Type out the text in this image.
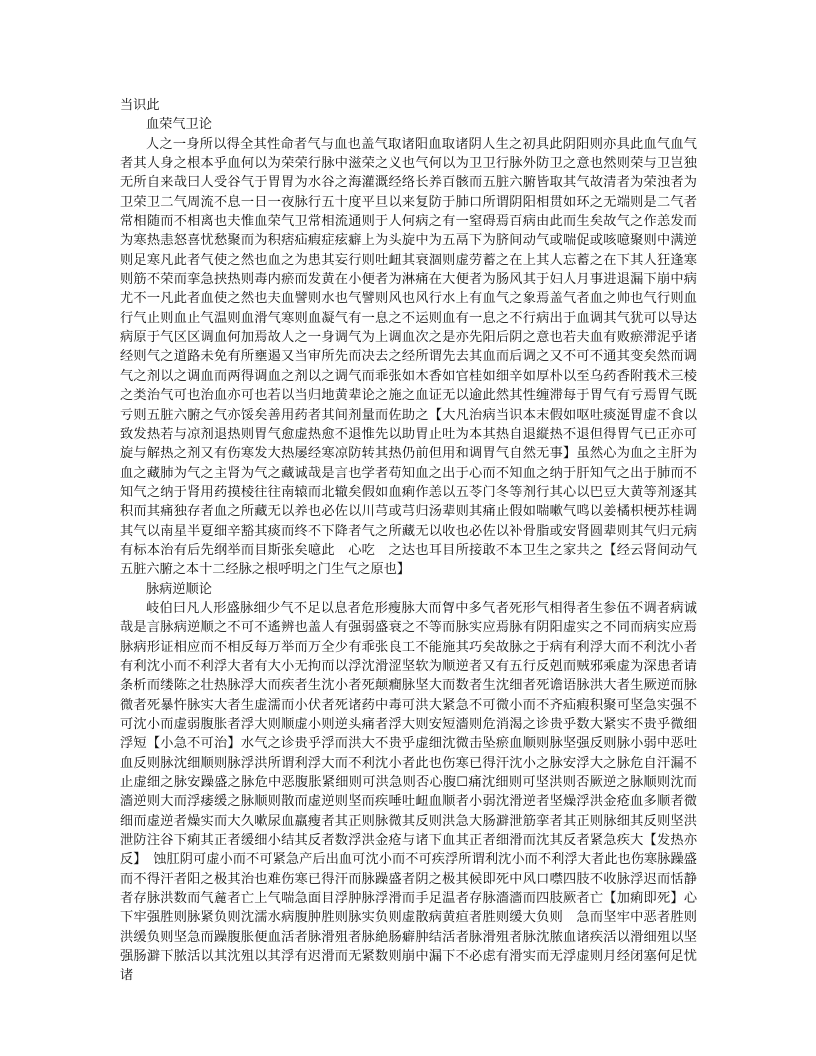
当识此

血荣气卫论

人之一身所以得全其性命者气与血也盖气取诸阳血取诸阴人生之初具此阴阳则亦具此血气血气者其人身之根本乎血何以为荣荣行脉中滋荣之义也气何以为卫卫行脉外防卫之意也然则荣与卫岂独无所自来哉曰人受谷气于胃胃为水谷之海灌溉经络长养百骸而五脏六腑皆取其气故清者为荣浊者为卫荣卫二气周流不息一日一夜脉行五十度平旦以来复防于肺口所谓阴阳相贯如环之无端则是二气者常相随而不相离也夫惟血荣气卫常相流通则于人何病之有一窒碍焉百病由此而生矣故气之作恙发而为寒热恚怒喜忧愁聚而为积痞疝瘕症痃癖上为头旋中为五鬲下为脐间动气或喘促或咳噫聚则中满逆则足寒凡此者气使之然也血之为患其妄行则吐衄其衰涸则虚劳蓄之在上其人忘蓄之在下其人狂逢寒则筋不荣而挛急挟热则毒内瘀而发黄在小便者为淋痛在大便者为肠风其于妇人月事进退漏下崩中病尤不一凡此者血使之然也夫血譬则水也气譬则风也风行水上有血气之象焉盖气者血之帅也气行则血行气止则血止气温则血滑气寒则血凝气有一息之不运则血有一息之不行病出于血调其气犹可以导达病原于气区区调血何加焉故人之一身调气为上调血次之是亦先阳后阴之意也若夫血有败瘀滞泥乎诸经则气之道路未免有所壅遏又当审所先而决去之经所谓先去其血而后调之又不可不通其变矣然而调气之剂以之调血而两得调血之剂以之调气而乖张如木香如官桂如细辛如厚朴以至乌药香附莪术三棱之类治气可也治血亦可也若以当归地黄辈论之施之血证无以逾此然其性缠滞每于胃气有亏焉胃气既亏则五脏六腑之气亦馁矣善用药者其间剂量而佐助之【大凡治病当识本末假如呕吐痰涎胃虚不食以致发热若与凉剂退热则胃气愈虚热愈不退惟先以助胃止吐为本其热自退縦热不退但得胃气已正亦可旋与解热之剂又有伤寒发大热屡经寒凉防转其热仍前但用和调胃气自然无事】虽然心为血之主肝为血之藏肺为气之主肾为气之藏诚哉是言也学者苟知血之出于心而不知血之纳于肝知气之出于肺而不知气之纳于肾用药摸棱往往南辕而北辙矣假如血痢作恙以五苓门冬等剂行其心以巴豆大黄等剂逐其积而其痛独存者血之所藏无以养也必佐以川芎或芎归汤辈则其痛止假如喘嗽气鸣以姜橘枳梗苏桂调其气以南星半夏细辛豁其痰而终不下降者气之所藏无以收也必佐以补骨脂或安肾圆辈则其气归元病有标本治有后先纲举而目斯张矣噫此　心吃　之达也耳目所接敢不本卫生之家共之【经云肾间动气五脏六腑之本十二经脉之根呼明之门生气之原也】

脉病逆顺论

岐伯曰凡人形盛脉细少气不足以息者危形瘦脉大而胷中多气者死形气相得者生参伍不调者病诚哉是言脉病逆顺之不可不遙辨也盖人有强弱盛衰之不等而脉实应焉脉有阴阳虚实之不同而病实应焉脉病形证相应而不相反每万举而万全少有乖张良工不能施其巧矣故脉之于病有利浮大而不利沈小者有利沈小而不利浮大者有大小无拘而以浮沈滑涩坚软为顺逆者又有五行反剋而贼邪乘虚为深患者请条析而缕陈之壮热脉浮大而疾者生沈小者死颠癎脉坚大而数者生沈细者死谵语脉洪大者生厥逆而脉微者死暴忤脉实大者生虚濡而小伏者死诸药中毒可洪大紧急不可微小而不齐疝瘕积聚可坚急实强不可沈小而虚弱腹胀者浮大则顺虚小则逆头痛者浮大则安短濇则危消渴之诊贵乎数大紧实不贵乎微细浮短【小急不可治】水气之诊贵乎浮而洪大不贵乎虚细沈微击坠瘀血顺则脉坚强反则脉小弱中恶吐血反则脉沈细顺则脉浮洪所谓利浮大而不利沈小者此也伤寒已得汗沈小之脉安浮大之脉危自汗漏不止虚细之脉安躁盛之脉危中恶腹胀紧细则可洪急则否心腹☐痛沈细则可坚洪则否厥逆之脉顺则沈而濇逆则大而浮痿缓之脉顺则散而虚逆则坚而疾唾吐衄血顺者小弱沈滑逆者坚燥浮洪金疮血多顺者微细而虚逆者燥实而大久嗽尿血羸瘦者其正则脉微其反则洪急大肠澼泄筋挛者其正则脉细其反则坚洪泄防注谷下痢其正者缓细小结其反者数浮洪金疮与诸下血其正者细滑而沈其反者紧急疾大【发热亦反】　蚀肛阴可虚小而不可紧急产后出血可沈小而不可疾浮所谓利沈小而不利浮大者此也伤寒脉躁盛而不得汗者阳之极其治也难伤寒已得汗而脉躁盛者阴之极其候即死中风口噤四肢不收脉浮迟而恬静者存脉洪数而气麄者亡上气喘急面目浮肿脉浮滑而手足温者存脉濇濇而四肢厥者亡【加痢即死】心下牢强胜则脉紧负则沈濡水病腹肿胜则脉实负则虚散病黄疸者胜则缓大负则　急而坚牢中恶者胜则洪缓负则坚急而躁腹胀便血活者脉滑殂者脉絶肠癖肿结活者脉滑殂者脉沈脓血诸疾活以滑细殂以坚强肠澼下脓活以其沈殂以其浮有迟滑而无紧数则崩中漏下不必虑有滑实而无浮虚则月经闭塞何足忧诸
